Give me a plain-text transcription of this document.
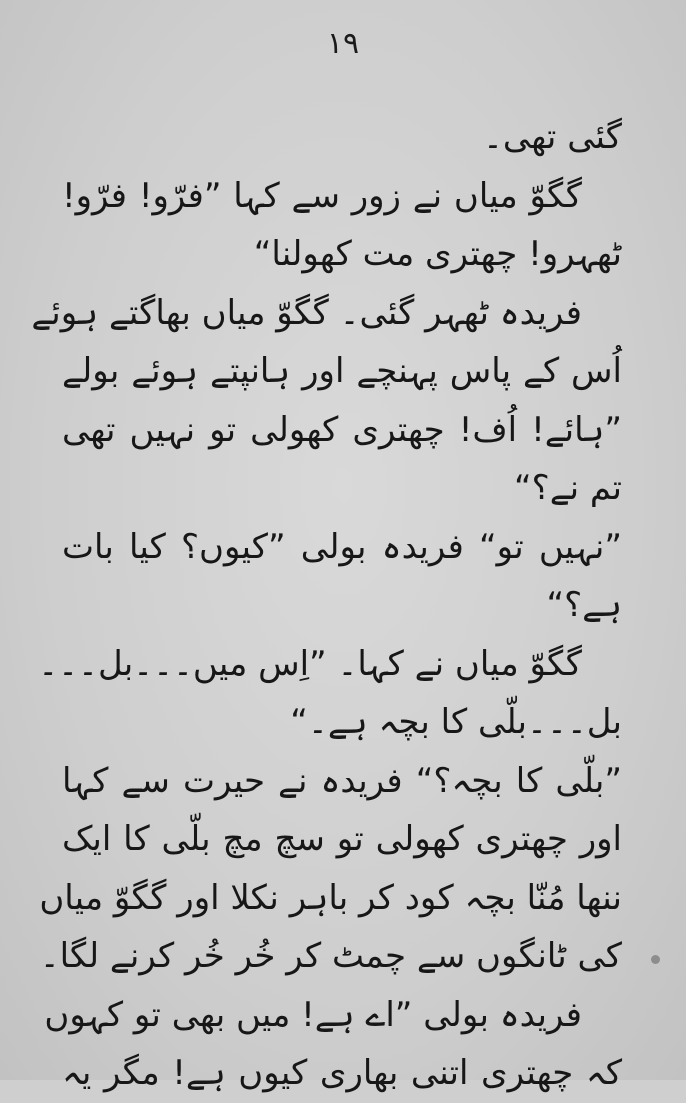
١٩
گئی تھی۔
گگوّ میاں نے زور سے کہا ”فرّو! فرّو!
ٹھہرو! چھتری مت کھولنا“
فریدہ ٹھہر گئی۔ گگوّ میاں بھاگتے ہوئے
اُس کے پاس پہنچے اور ہانپتے ہوئے بولے
”ہائے! اُف! چھتری کھولی تو نہیں تھی
تم نے؟“
”نہیں تو“ فریدہ بولی ”کیوں؟ کیا بات
ہے؟“
گگوّ میاں نے کہا۔ ”اِس میں۔۔۔بل۔۔۔
بل۔۔۔بلّی کا بچہ ہے۔“
”بلّی کا بچہ؟“ فریدہ نے حیرت سے کہا
اور چھتری کھولی تو سچ مچ بلّی کا ایک
ننھا مُنّا بچہ کود کر باہر نکلا اور گگوّ میاں
کی ٹانگوں سے چمٹ کر خُر خُر کرنے لگا۔
فریدہ بولی ”اے ہے! میں بھی تو کہوں
کہ چھتری اتنی بھاری کیوں ہے! مگر یہ
